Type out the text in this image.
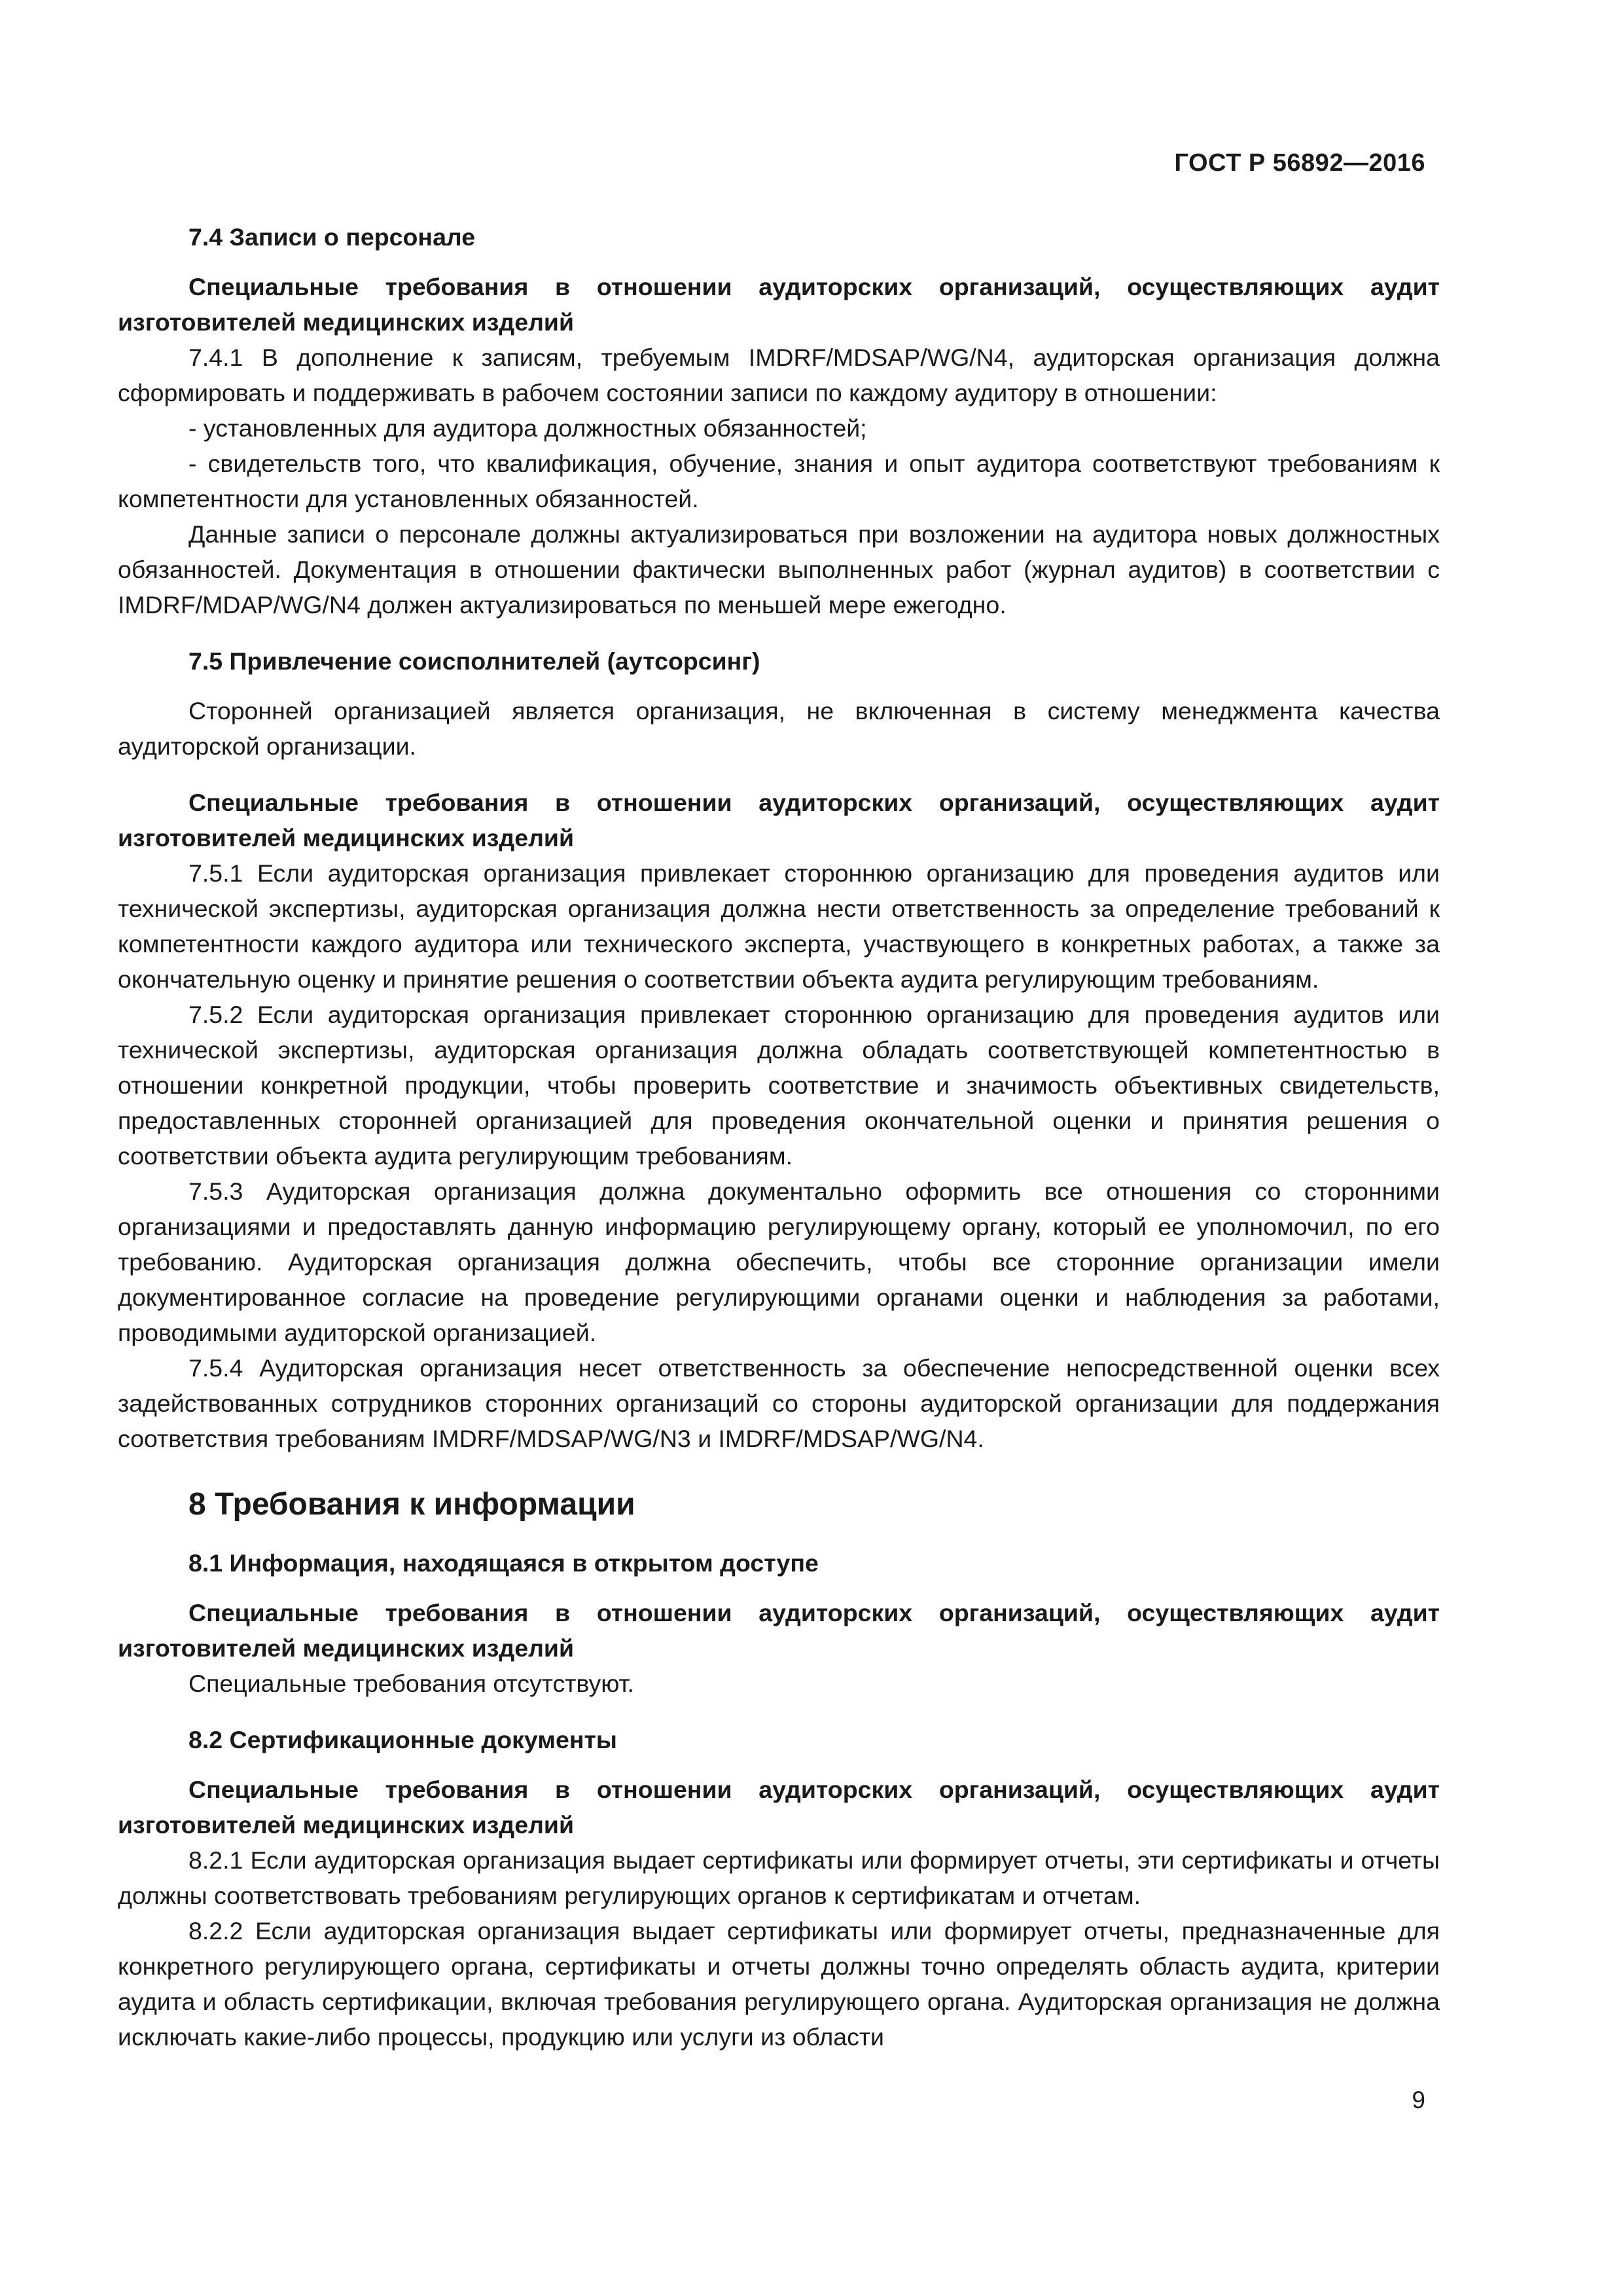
ГОСТ Р 56892—2016
7.4 Записи о персонале
Специальные требования в отношении аудиторских организаций, осуществляющих аудит изготовителей медицинских изделий

7.4.1 В дополнение к записям, требуемым IMDRF/MDSAP/WG/N4, аудиторская организация должна сформировать и поддерживать в рабочем состоянии записи по каждому аудитору в отношении:

- установленных для аудитора должностных обязанностей;

- свидетельств того, что квалификация, обучение, знания и опыт аудитора соответствуют требованиям к компетентности для установленных обязанностей.

Данные записи о персонале должны актуализироваться при возложении на аудитора новых должностных обязанностей. Документация в отношении фактически выполненных работ (журнал аудитов) в соответствии с IMDRF/MDAP/WG/N4 должен актуализироваться по меньшей мере ежегодно.

7.5 Привлечение соисполнителей (аутсорсинг)

Сторонней организацией является организация, не включенная в систему менеджмента качества аудиторской организации.

Специальные требования в отношении аудиторских организаций, осуществляющих аудит изготовителей медицинских изделий

7.5.1 Если аудиторская организация привлекает стороннюю организацию для проведения аудитов или технической экспертизы, аудиторская организация должна нести ответственность за определение требований к компетентности каждого аудитора или технического эксперта, участвующего в конкретных работах, а также за окончательную оценку и принятие решения о соответствии объекта аудита регулирующим требованиям.

7.5.2 Если аудиторская организация привлекает стороннюю организацию для проведения аудитов или технической экспертизы, аудиторская организация должна обладать соответствующей компетентностью в отношении конкретной продукции, чтобы проверить соответствие и значимость объективных свидетельств, предоставленных сторонней организацией для проведения окончательной оценки и принятия решения о соответствии объекта аудита регулирующим требованиям.

7.5.3 Аудиторская организация должна документально оформить все отношения со сторонними организациями и предоставлять данную информацию регулирующему органу, который ее уполномочил, по его требованию. Аудиторская организация должна обеспечить, чтобы все сторонние организации имели документированное согласие на проведение регулирующими органами оценки и наблюдения за работами, проводимыми аудиторской организацией.

7.5.4 Аудиторская организация несет ответственность за обеспечение непосредственной оценки всех задействованных сотрудников сторонних организаций со стороны аудиторской организации для поддержания соответствия требованиям IMDRF/MDSAP/WG/N3 и IMDRF/MDSAP/WG/N4.

8 Требования к информации
8.1 Информация, находящаяся в открытом доступе
Специальные требования в отношении аудиторских организаций, осуществляющих аудит изготовителей медицинских изделий

Специальные требования отсутствуют.

8.2 Сертификационные документы
Специальные требования в отношении аудиторских организаций, осуществляющих аудит изготовителей медицинских изделий

8.2.1 Если аудиторская организация выдает сертификаты или формирует отчеты, эти сертификаты и отчеты должны соответствовать требованиям регулирующих органов к сертификатам и отчетам.

8.2.2 Если аудиторская организация выдает сертификаты или формирует отчеты, предназначенные для конкретного регулирующего органа, сертификаты и отчеты должны точно определять область аудита, критерии аудита и область сертификации, включая требования регулирующего органа. Аудиторская организация не должна исключать какие-либо процессы, продукцию или услуги из области

9
